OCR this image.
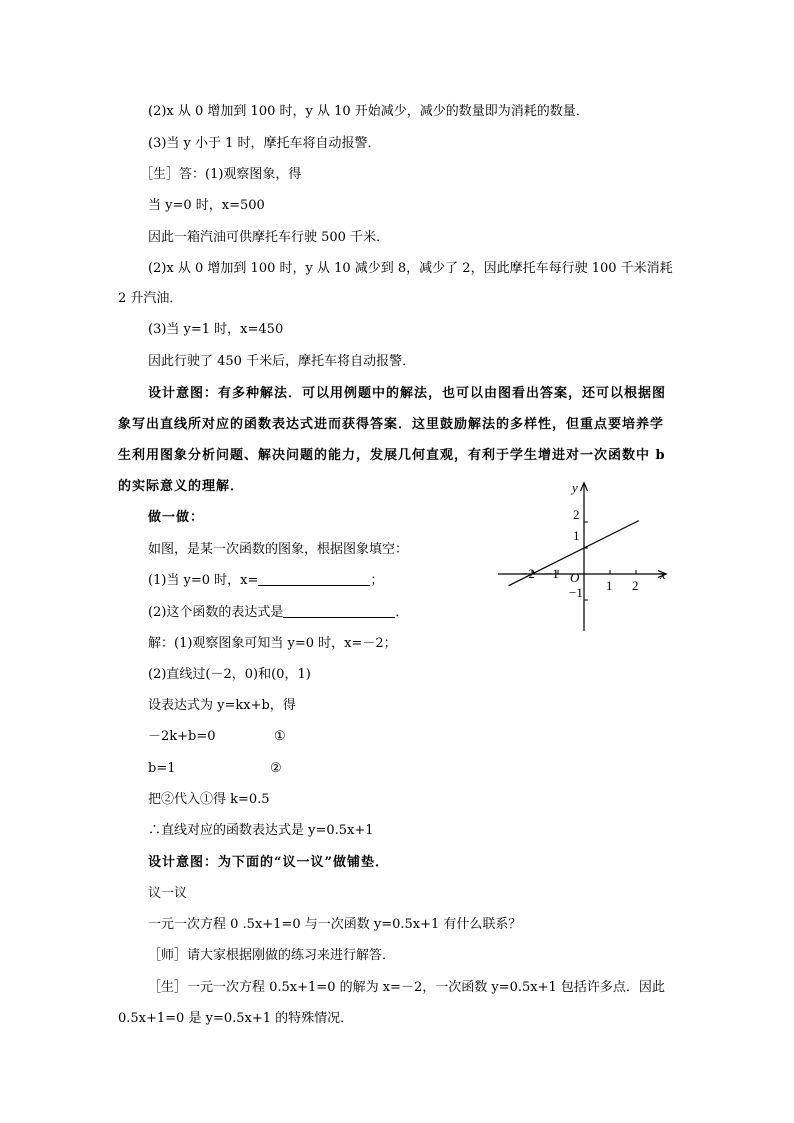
(2)x 从 0 增加到 100 时，y 从 10 开始减少，减少的数量即为消耗的数量．
(3)当 y 小于 1 时，摩托车将自动报警．
［生］答：(1)观察图象，得
当 y=0 时，x=500
因此一箱汽油可供摩托车行驶 500 千米．
(2)x 从 0 增加到 100 时，y 从 10 减少到 8，减少了 2，因此摩托车每行驶 100 千米消耗
2 升汽油．
(3)当 y=1 时，x=450
因此行驶了 450 千米后，摩托车将自动报警．
设计意图：有多种解法．可以用例题中的解法，也可以由图看出答案，还可以根据图
象写出直线所对应的函数表达式进而获得答案．这里鼓励解法的多样性，但重点要培养学
生利用图象分析问题、解决问题的能力，发展几何直观，有利于学生增进对一次函数中 b
的实际意义的理解．
做一做：
如图，是某一次函数的图象，根据图象填空：
(1)当 y=0 时，x=	；
(2)这个函数的表达式是	．
解：(1)观察图象可知当 y=0 时，x=－2；
(2)直线过(－2，0)和(0，1)
设表达式为 y=kx+b，得
－2k+b=0	①
b=1	②
把②代入①得 k=0.5
∴直线对应的函数表达式是 y=0.5x+1
设计意图：为下面的“议一议”做铺垫．
议一议
一元一次方程 0 .5x+1=0 与一次函数 y=0.5x+1 有什么联系？
［师］请大家根据刚做的练习来进行解答．
［生］一元一次方程 0.5x+1=0 的解为 x=－2，一次函数 y=0.5x+1 包括许多点．因此
0.5x+1=0 是 y=0.5x+1 的特殊情况．
y
x
O
−2 −1
1 2
2
1
−1
